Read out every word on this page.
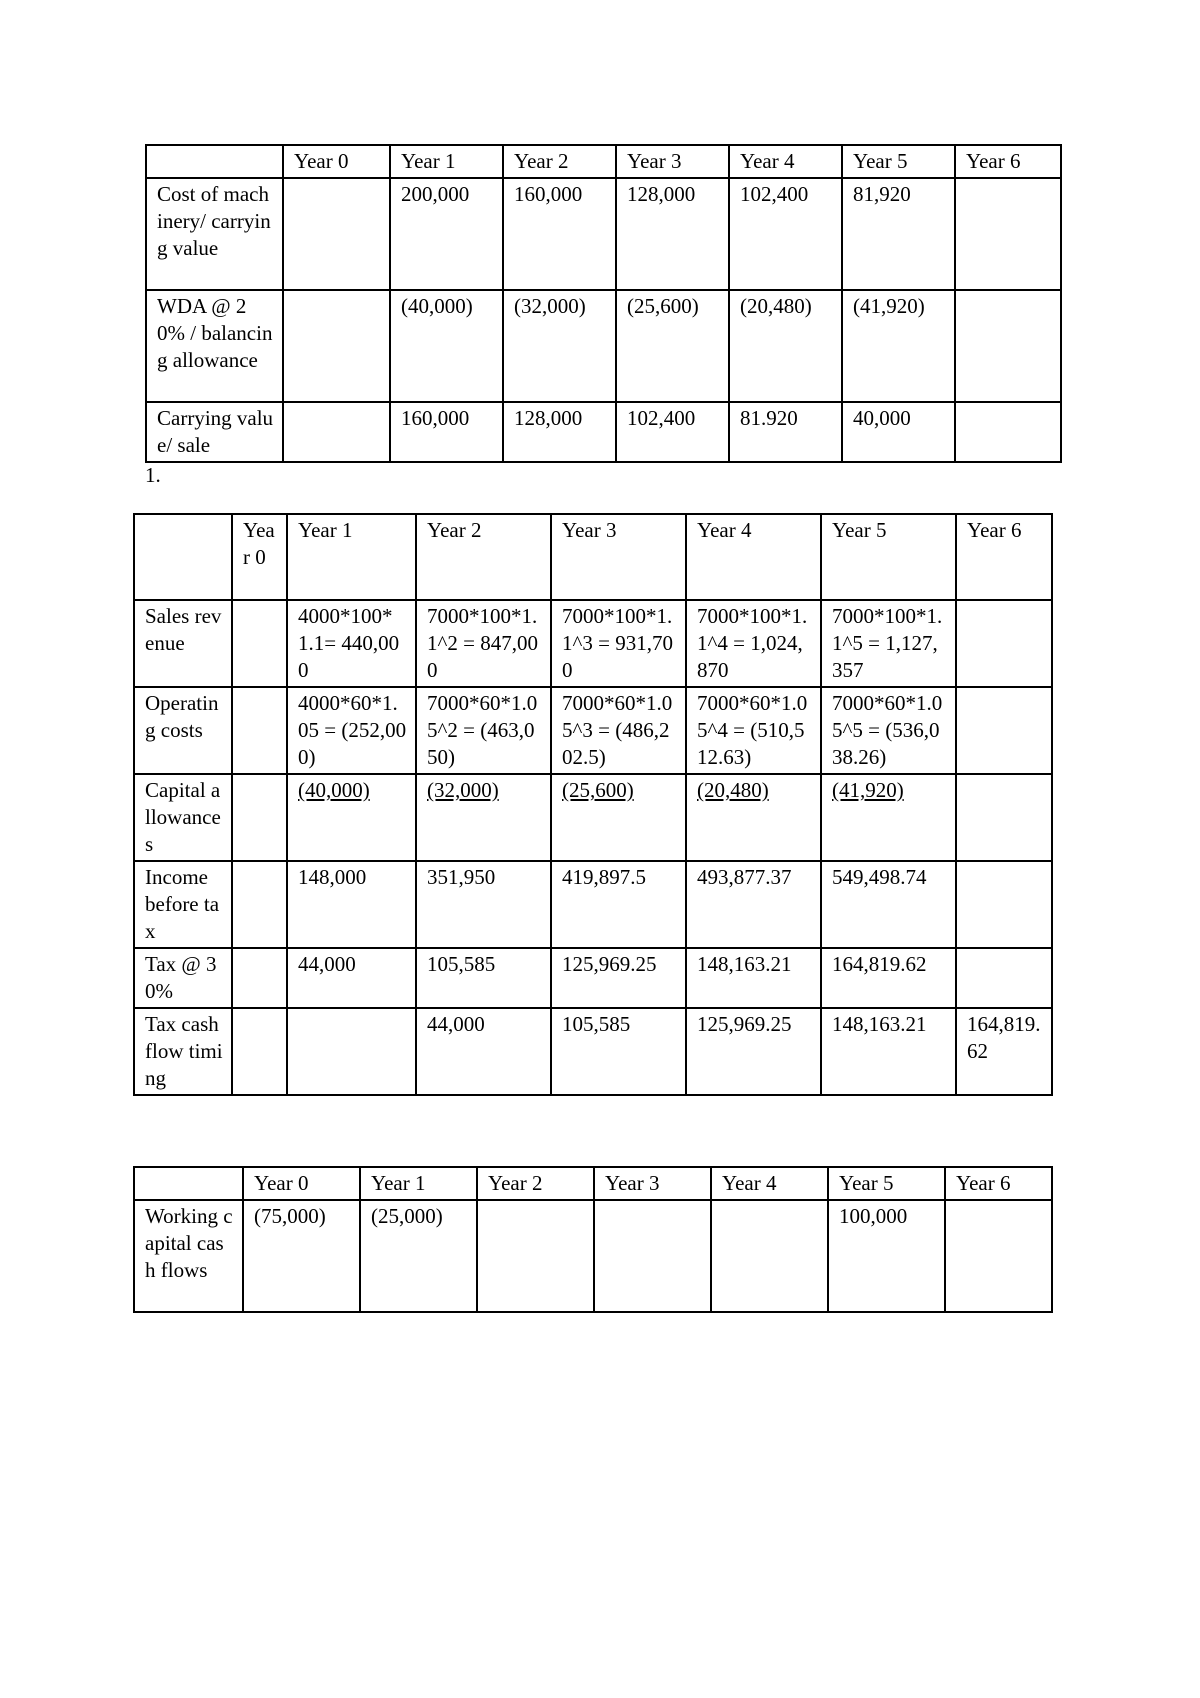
	Year 0	Year 1	Year 2	Year 3	Year 4	Year 5	Year 6
Cost of machinery/ carrying value		200,000	160,000	128,000	102,400	81,920	
WDA @ 20% / balancing allowance		(40,000)	(32,000)	(25,600)	(20,480)	(41,920)	
Carrying value/ sale		160,000	128,000	102,400	81.920	40,000	
1.
	Year 0	Year 1	Year 2	Year 3	Year 4	Year 5	Year 6
Sales revenue		4000*100*1.1= 440,000	7000*100*1.1^2 = 847,000	7000*100*1.1^3 = 931,700	7000*100*1.1^4 = 1,024,870	7000*100*1.1^5 = 1,127,357	
Operating costs		4000*60*1.05 = (252,000)	7000*60*1.05^2 = (463,050)	7000*60*1.05^3 = (486,202.5)	7000*60*1.05^4 = (510,512.63)	7000*60*1.05^5 = (536,038.26)	
Capital allowances		(40,000)	(32,000)	(25,600)	(20,480)	(41,920)	
Income before tax		148,000	351,950	419,897.5	493,877.37	549,498.74	
Tax @ 30%		44,000	105,585	125,969.25	148,163.21	164,819.62	
Tax cash flow timing			44,000	105,585	125,969.25	148,163.21	164,819.62
	Year 0	Year 1	Year 2	Year 3	Year 4	Year 5	Year 6
Working capital cash flows	(75,000)	(25,000)				100,000	
